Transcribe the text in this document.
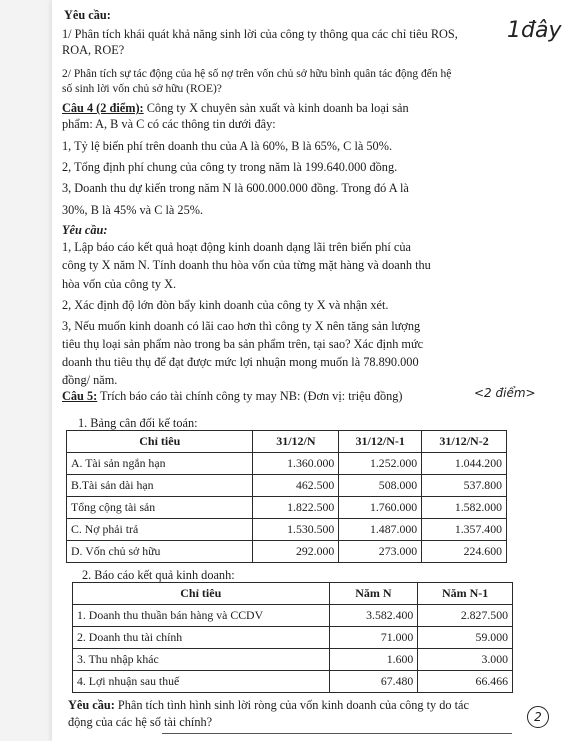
Yêu cầu:
1/ Phân tích khái quát khả năng sinh lời của công ty thông qua các chỉ tiêu ROS,
ROA, ROE?
1đây
2/ Phân tích sự tác động của hệ số nợ trên vốn chủ sở hữu bình quân tác động đến hệ
số sinh lời vốn chủ sở hữu (ROE)?
Câu 4 (2 điểm): Công ty X chuyên sản xuất và kinh doanh ba loại sản
phẩm: A, B và C có các thông tin dưới đây:
1, Tỷ lệ biến phí trên doanh thu của A là 60%, B là 65%, C là 50%.
2, Tổng định phí chung của công ty trong năm là 199.640.000 đồng.
3, Doanh thu dự kiến trong năm N là 600.000.000 đồng. Trong đó A là
30%, B là 45% và C là 25%.
Yêu cầu:
1, Lập báo cáo kết quả hoạt động kinh doanh dạng lãi trên biến phí của
công ty X năm N. Tính doanh thu hòa vốn của từng mặt hàng và doanh thu
hòa vốn của công ty X.
2, Xác định độ lớn đòn bẩy kinh doanh của công ty X và nhận xét.
3, Nếu muốn kinh doanh có lãi cao hơn thì công ty X nên tăng sản lượng
tiêu thụ loại sản phẩm nào trong ba sản phẩm trên, tại sao? Xác định mức
doanh thu tiêu thụ để đạt được mức lợi nhuận mong muốn là 78.890.000
đồng/ năm.
Câu 5: Trích báo cáo tài chính công ty may NB: (Đơn vị: triệu đồng)	<2 điểm>
1. Bảng cân đối kế toán:
Chỉ tiêu	31/12/N	31/12/N-1	31/12/N-2
A. Tài sản ngắn hạn	1.360.000	1.252.000	1.044.200
B.Tài sản dài hạn	462.500	508.000	537.800
Tổng cộng tài sản	1.822.500	1.760.000	1.582.000
C. Nợ phải trả	1.530.500	1.487.000	1.357.400
D. Vốn chủ sở hữu	292.000	273.000	224.600
2. Báo cáo kết quả kinh doanh:
Chỉ tiêu	Năm N	Năm N-1
1. Doanh thu thuần bán hàng và CCDV	3.582.400	2.827.500
2. Doanh thu tài chính	71.000	59.000
3. Thu nhập khác	1.600	3.000
4. Lợi nhuận sau thuế	67.480	66.466
Yêu cầu: Phân tích tình hình sinh lời ròng của vốn kinh doanh của công ty do tác
động của các hệ số tài chính?	2
